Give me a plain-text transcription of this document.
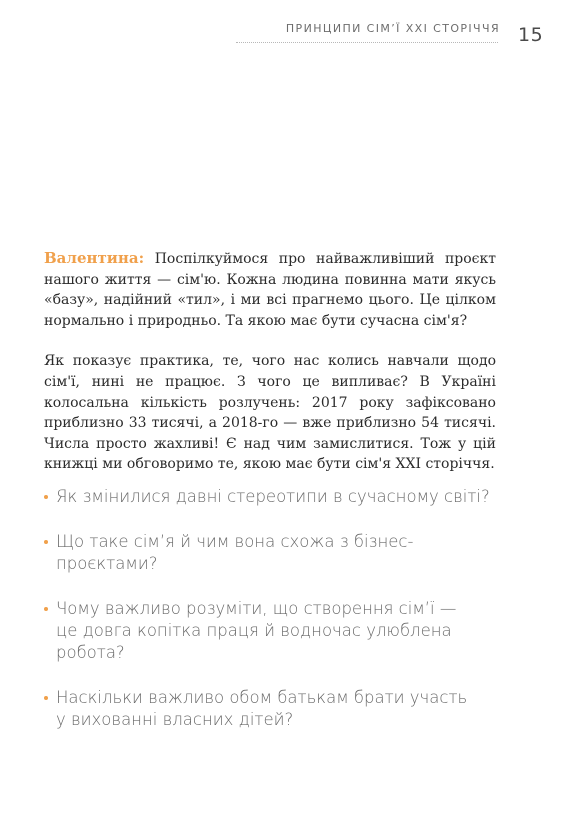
ПРИНЦИПИ СІМ’Ї XXI СТОРІЧЧЯ 15

Валентина: Поспілкуймося про найважливіший проєкт нашого життя — сім'ю. Кожна людина повинна мати якусь «базу», надійний «тил», і ми всі прагнемо цього. Це цілком нормально і природньо. Та якою має бути сучасна сім'я?

Як показує практика, те, чого нас колись навчали щодо сім'ї, нині не працює. З чого це випливає? В Україні колосальна кількість розлучень: 2017 року зафіксовано приблизно 33 тисячі, а 2018-го — вже приблизно 54 тисячі. Числа просто жахливі! Є над чим замислитися. Тож у цій книжці ми обговоримо те, якою має бути сім'я XXI сторіччя.

Як змінилися давні стереотипи в сучасному світі?
Що таке сім’я й чим вона схожа з бізнес-
проєктами?
Чому важливо розуміти, що створення сім’ї —
це довга копітка праця й водночас улюблена
робота?
Наскільки важливо обом батькам брати участь
у вихованні власних дітей?
